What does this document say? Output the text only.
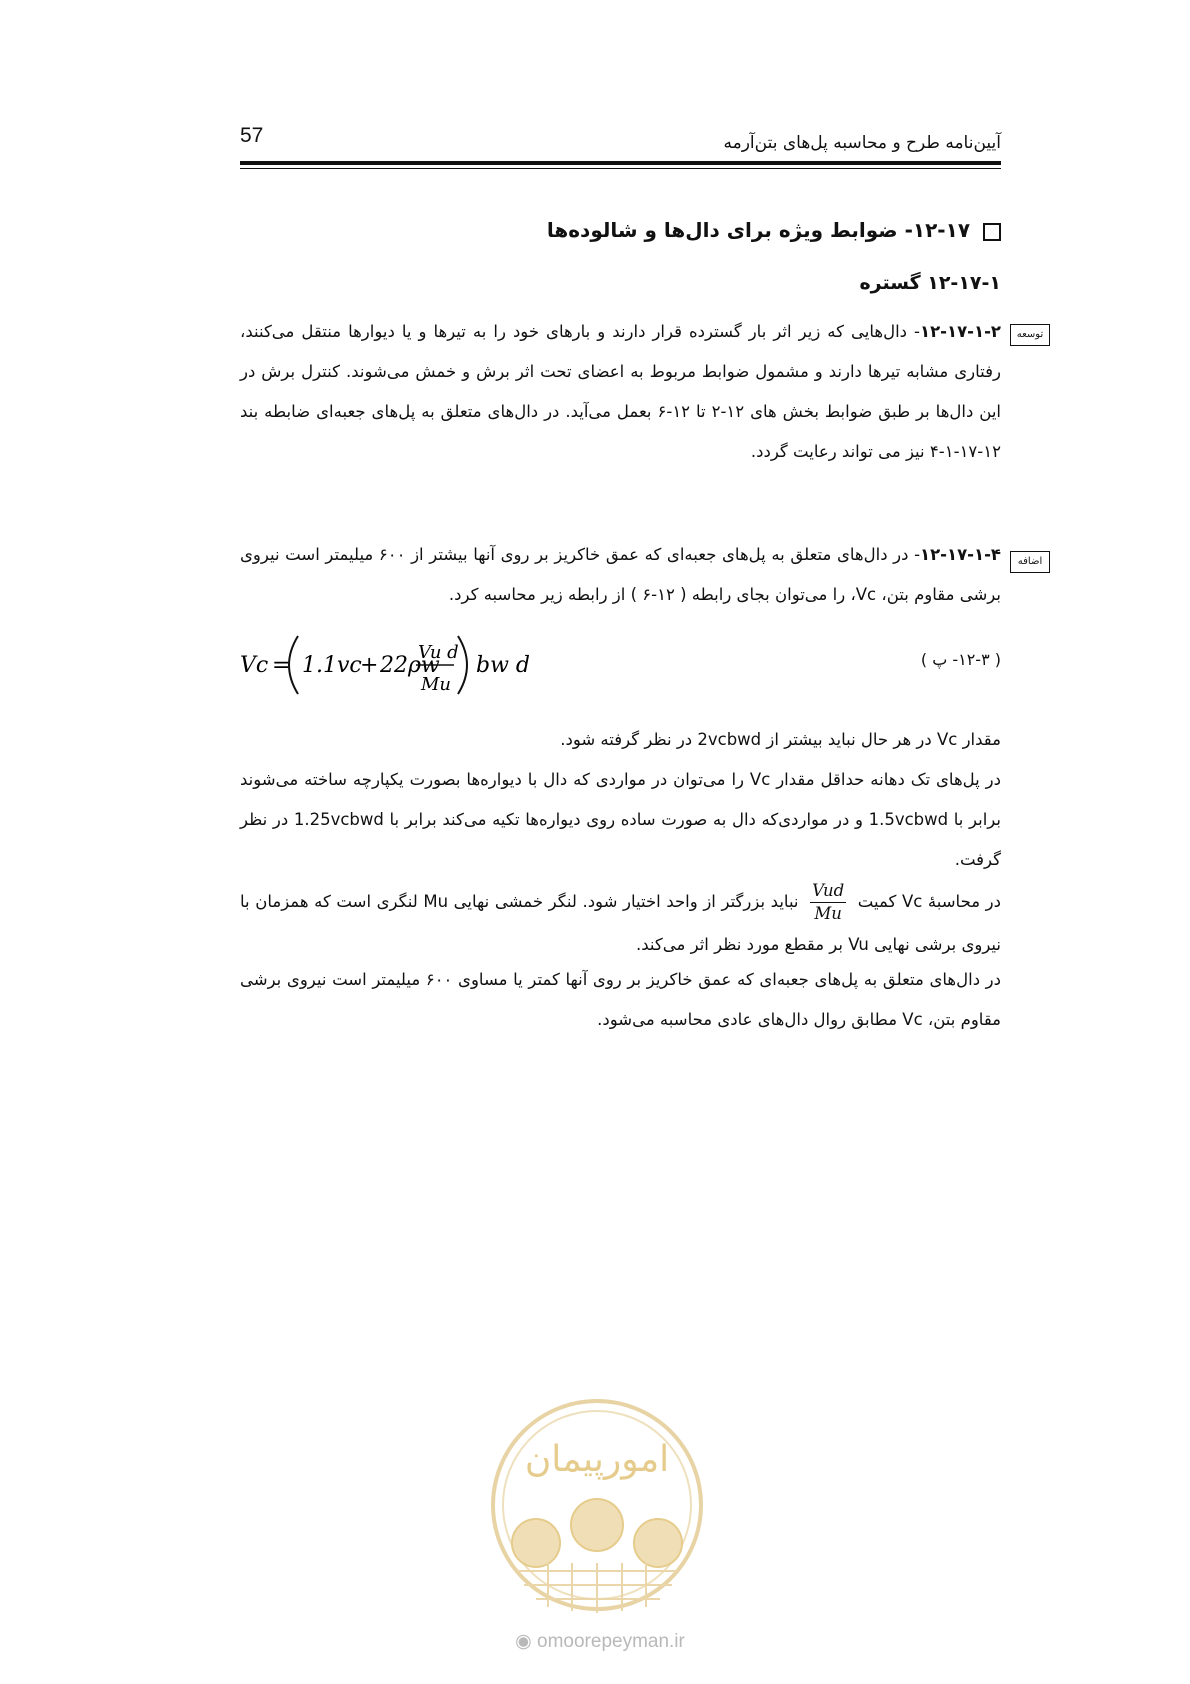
57	آیین‌نامه طرح و محاسبه پل‌های بتن‌آرمه
۱۲-۱۷- ضوابط ویژه برای دال‌ها و شالوده‌ها
۱۲-۱۷-۱ گستره
توسعه
۱۲-۱۷-۱-۲- دال‌هایی که زیر اثر بار گسترده قرار دارند و بارهای خود را به تیرها و یا دیوارها منتقل می‌کنند، رفتاری مشابه تیرها دارند و مشمول ضوابط مربوط به اعضای تحت اثر برش و خمش می‌شوند. کنترل برش در این دال‌ها بر طبق ضوابط بخش های ۱۲-۲ تا ۱۲-۶ بعمل می‌آید. در دال‌های متعلق به پل‌های جعبه‌ای ضابطه بند ۱۲-۱۷-۱-۴ نیز می تواند رعایت گردد.
اضافه
۱۲-۱۷-۱-۴- در دال‌های متعلق به پل‌های جعبه‌ای که عمق خاکریز بر روی آنها بیشتر از ۶۰۰ میلیمتر است نیروی برشی مقاوم بتن، Vc، را می‌توان بجای رابطه ( ۱۲-۶ ) از رابطه زیر محاسبه کرد.
Vc = 1.1vc
+ 22ρw
Vu d
Mu
bw d	( ۱۲-۳- پ )
مقدار Vc در هر حال نباید بیشتر از 2vcbwd در نظر گرفته شود.
در پل‌های تک دهانه حداقل مقدار Vc را می‌توان در مواردی که دال با دیواره‌ها بصورت یکپارچه ساخته می‌شوند برابر با 1.5vcbwd و در مواردی‌که دال به صورت ساده روی دیواره‌ها تکیه می‌کند برابر با 1.25vcbwd در نظر گرفت.
در محاسبهٔ Vc کمیت
Vud
Mu
نباید بزرگتر از واحد اختیار شود. لنگر خمشی نهایی Mu لنگری است که همزمان با نیروی برشی نهایی Vu بر مقطع مورد نظر اثر می‌کند.
در دال‌های متعلق به پل‌های جعبه‌ای که عمق خاکریز بر روی آنها کمتر یا مساوی ۶۰۰ میلیمتر است نیروی برشی مقاوم بتن، Vc مطابق روال دال‌های عادی محاسبه می‌شود.
امورپیمان
◉ omoorepeyman.ir
